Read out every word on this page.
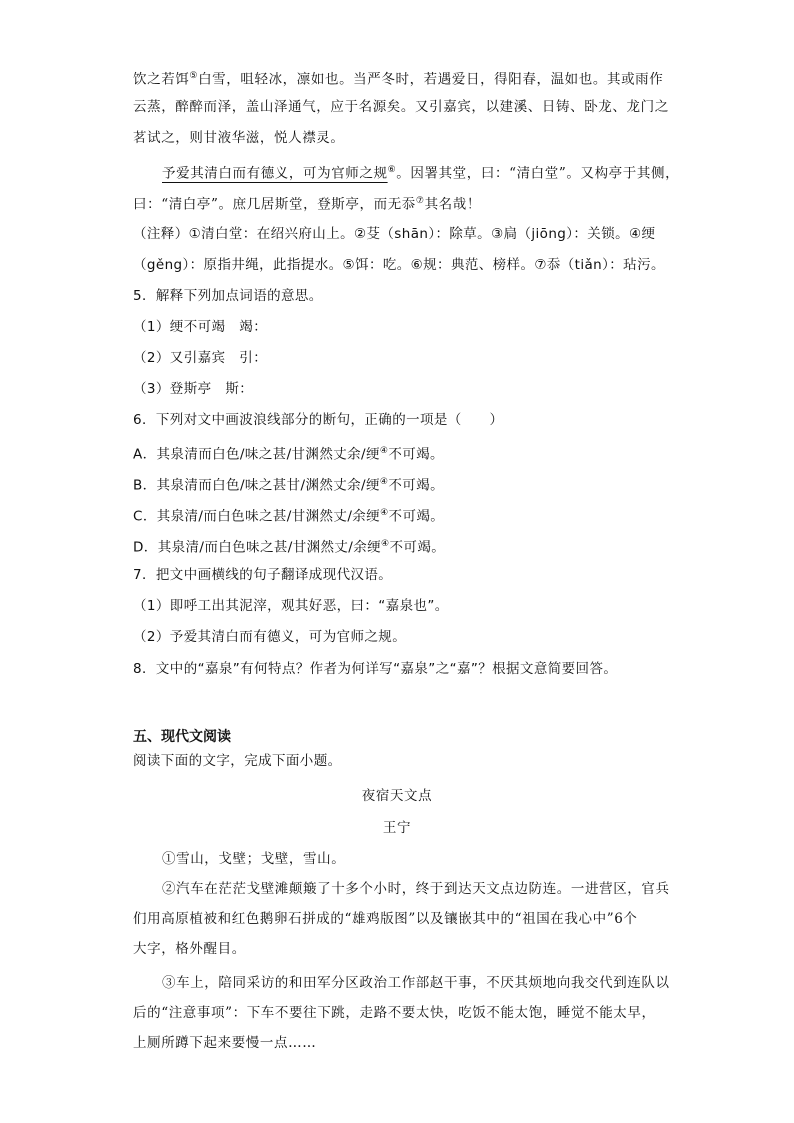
饮之若饵⑤白雪，咀轻冰，凛如也。当严冬时，若遇爱日，得阳春，温如也。其或雨作
云蒸，醉醉而泽，盖山泽通气，应于名源矣。又引嘉宾，以建溪、日铸、卧龙、龙门之
茗试之，则甘液华滋，悦人襟灵。
予爱其清白而有德义，可为官师之规⑥。因署其堂，曰：“清白堂”。又构亭于其侧，
曰：“清白亭”。庶几居斯堂，登斯亭，而无忝⑦其名哉！
（注释）①清白堂：在绍兴府山上。②芟（shān）：除草。③扃（jiōng）：关锁。④绠
（gěng）：原指井绳，此指提水。⑤饵：吃。⑥规：典范、榜样。⑦忝（tiǎn）：玷污。
5．解释下列加点词语的意思。
（1）绠不可竭　竭：
（2）又引嘉宾　引：
（3）登斯亭　斯：
6．下列对文中画波浪线部分的断句，正确的一项是（　　）
A．其泉清而白色/味之甚/甘渊然丈余/绠④不可竭。
B．其泉清而白色/味之甚甘/渊然丈余/绠④不可竭。
C．其泉清/而白色味之甚/甘渊然丈/余绠④不可竭。
D．其泉清/而白色味之甚/甘渊然丈/余绠④不可竭。
7．把文中画横线的句子翻译成现代汉语。
（1）即呼工出其泥滓，观其好恶，曰：“嘉泉也”。
（2）予爱其清白而有德义，可为官师之规。
8．文中的“嘉泉”有何特点？作者为何详写“嘉泉”之“嘉”？根据文意简要回答。
五、现代文阅读
阅读下面的文字，完成下面小题。
夜宿天文点
王宁
①雪山，戈壁；戈壁，雪山。
②汽车在茫茫戈壁滩颠簸了十多个小时，终于到达天文点边防连。一进营区，官兵
们用高原植被和红色鹅卵石拼成的“雄鸡版图”以及镶嵌其中的“祖国在我心中”6个
大字，格外醒目。
③车上，陪同采访的和田军分区政治工作部赵干事，不厌其烦地向我交代到连队以
后的“注意事项”：下车不要往下跳，走路不要太快，吃饭不能太饱，睡觉不能太早，
上厕所蹲下起来要慢一点……
